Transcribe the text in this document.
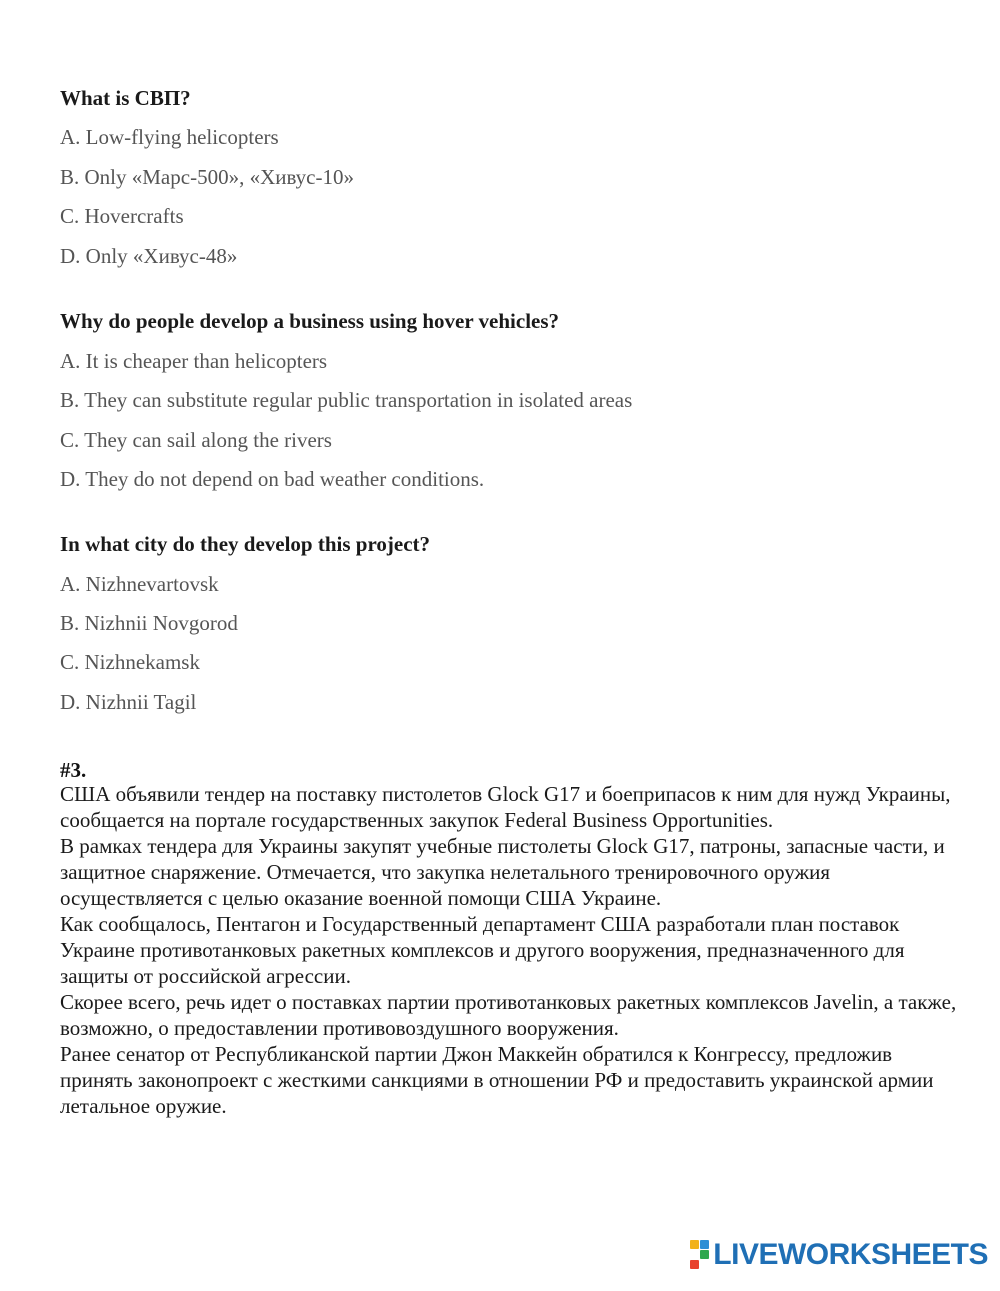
What is СВП?
A. Low-flying helicopters
B. Only «Марс-500», «Хивус-10»
C. Hovercrafts
D. Only «Хивус-48»
Why do people develop a business using hover vehicles?
A. It is cheaper than helicopters
B. They can substitute regular public transportation in isolated areas
C. They can sail along the rivers
D. They do not depend on bad weather conditions.
In what city do they develop this project?
A. Nizhnevartovsk
B. Nizhnii Novgorod
C. Nizhnekamsk
D. Nizhnii Tagil
#3.

США объявили тендер на поставку пистолетов Glock G17 и боеприпасов к ним для нужд Украины, сообщается на портале государственных закупок Federal Business Opportunities.

В рамках тендера для Украины закупят учебные пистолеты Glock G17, патроны, запасные части, и защитное снаряжение. Отмечается, что закупка нелетального тренировочного оружия осуществляется с целью оказание военной помощи США Украине.

Как сообщалось, Пентагон и Государственный департамент США разработали план поставок Украине противотанковых ракетных комплексов и другого вооружения, предназначенного для защиты от российской агрессии.

Скорее всего, речь идет о поставках партии противотанковых ракетных комплексов Javelin, а также, возможно, о предоставлении противовоздушного вооружения.

Ранее сенатор от Республиканской партии Джон Маккейн обратился к Конгрессу, предложив принять законопроект с жесткими санкциями в отношении РФ и предоставить украинской армии летальное оружие.

LIVEWORKSHEETS
